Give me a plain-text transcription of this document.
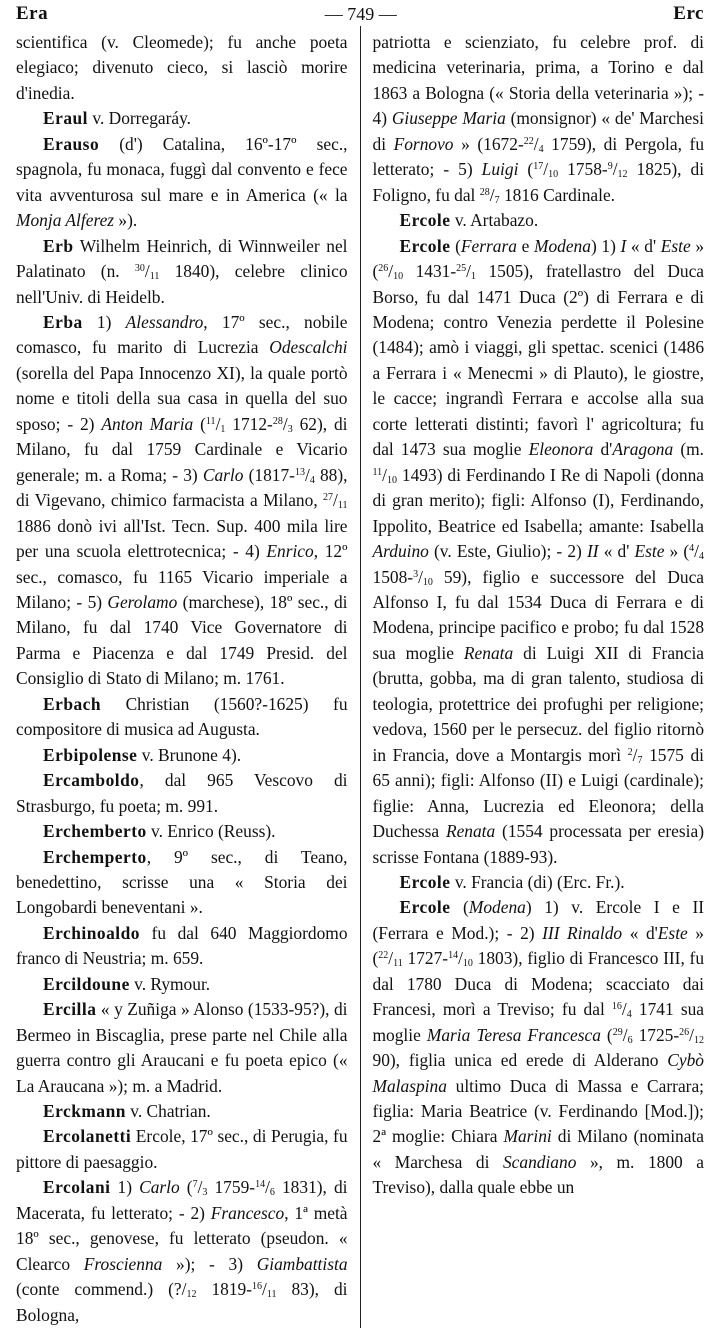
Era	— 749 —	Erc

scientifica (v. Cleomede); fu anche poeta elegiaco; divenuto cieco, si lasciò morire d'inedia.

Eraul v. Dorregaráy.

Erauso (d') Catalina, 16º-17º sec., spagnola, fu monaca, fuggì dal convento e fece vita avventurosa sul mare e in America (« la Monja Alferez »).

Erb Wilhelm Heinrich, di Winnweiler nel Palatinato (n. $^{30}/_{11}$ 1840), celebre clinico nell'Univ. di Heidelb.

Erba 1) Alessandro, 17º sec., nobile comasco, fu marito di Lucrezia Odescalchi (sorella del Papa Innocenzo XI), la quale portò nome e titoli della sua casa in quella del suo sposo; - 2) Anton Maria ($^{11}/_1$ $1712-^{28}/_3$ 62), di Milano, fu dal 1759 Cardinale e Vicario generale; m. a Roma; - 3) Carlo ($1817-^{13}/_4$ 88), di Vigevano, chimico farmacista a Milano, $^{27}/_{11}$ 1886 donò ivi all'Ist. Tecn. Sup. 400 mila lire per una scuola elettrotecnica; - 4) Enrico, 12º sec., comasco, fu 1165 Vicario imperiale a Milano; - 5) Gerolamo (marchese), 18º sec., di Milano, fu dal 1740 Vice Governatore di Parma e Piacenza e dal 1749 Presid. del Consiglio di Stato di Milano; m. 1761.

Erbach Christian (1560?-1625) fu compositore di musica ad Augusta.

Erbipolense v. Brunone 4).

Ercamboldo, dal 965 Vescovo di Strasburgo, fu poeta; m. 991.

Erchemberto v. Enrico (Reuss).

Erchemperto, 9º sec., di Teano, benedettino, scrisse una « Storia dei Longobardi beneventani ».

Erchinoaldo fu dal 640 Maggiordomo franco di Neustria; m. 659.

Ercildoune v. Rymour.

Ercilla « y Zuñiga » Alonso (1533-95?), di Bermeo in Biscaglia, prese parte nel Chile alla guerra contro gli Araucani e fu poeta epico (« La Araucana »); m. a Madrid.

Erckmann v. Chatrian.

Ercolanetti Ercole, 17º sec., di Perugia, fu pittore di paesaggio.

Ercolani 1) Carlo ($^7/_3$ $1759-^{14}/_6$ 1831), di Macerata, fu letterato; - 2) Francesco, 1ª metà 18º sec., genovese, fu letterato (pseudon. « Clearco Froscienna »); - 3) Giambattista (conte commend.) ($?/_{12}$ $1819-^{16}/_{11}$ 83), di Bologna,

patriotta e scienziato, fu celebre prof. di medicina veterinaria, prima, a Torino e dal 1863 a Bologna (« Storia della veterinaria »); - 4) Giuseppe Maria (monsignor) « de' Marchesi di Fornovo » ($1672-^{22}/_4$ 1759), di Pergola, fu letterato; - 5) Luigi ($^{17}/_{10}$ $1758-^9/_{12}$ 1825), di Foligno, fu dal $^{28}/_7$ 1816 Cardinale.

Ercole v. Artabazo.

Ercole (Ferrara e Modena) 1) I « d' Este » ($^{26}/_{10}$ $1431-^{25}/_1$ 1505), fratellastro del Duca Borso, fu dal 1471 Duca (2º) di Ferrara e di Modena; contro Venezia perdette il Polesine (1484); amò i viaggi, gli spettac. scenici (1486 a Ferrara i « Menecmi » di Plauto), le giostre, le cacce; ingrandì Ferrara e accolse alla sua corte letterati distinti; favorì l' agricoltura; fu dal 1473 sua moglie Eleonora d'Aragona (m. $^{11}/_{10}$ 1493) di Ferdinando I Re di Napoli (donna di gran merito); figli: Alfonso (I), Ferdinando, Ippolito, Beatrice ed Isabella; amante: Isabella Arduino (v. Este, Giulio); - 2) II « d' Este » ($^4/_4$ $1508-^3/_{10}$ 59), figlio e successore del Duca Alfonso I, fu dal 1534 Duca di Ferrara e di Modena, principe pacifico e probo; fu dal 1528 sua moglie Renata di Luigi XII di Francia (brutta, gobba, ma di gran talento, studiosa di teologia, protettrice dei profughi per religione; vedova, 1560 per le persecuz. del figlio ritornò in Francia, dove a Montargis morì $^2/_7$ 1575 di 65 anni); figli: Alfonso (II) e Luigi (cardinale); figlie: Anna, Lucrezia ed Eleonora; della Duchessa Renata (1554 processata per eresia) scrisse Fontana (1889-93).

Ercole v. Francia (di) (Erc. Fr.).

Ercole (Modena) 1) v. Ercole I e II (Ferrara e Mod.); - 2) III Rinaldo « d'Este » ($^{22}/_{11}$ $1727-^{14}/_{10}$ 1803), figlio di Francesco III, fu dal 1780 Duca di Modena; scacciato dai Francesi, morì a Treviso; fu dal $^{16}/_4$ 1741 sua moglie Maria Teresa Francesca ($^{29}/_6$ $1725-^{26}/_{12}$ 90), figlia unica ed erede di Alderano Cybò Malaspina ultimo Duca di Massa e Carrara; figlia: Maria Beatrice (v. Ferdinando [Mod.]); 2ª moglie: Chiara Marini di Milano (nominata « Marchesa di Scandiano », m. 1800 a Treviso), dalla quale ebbe un
